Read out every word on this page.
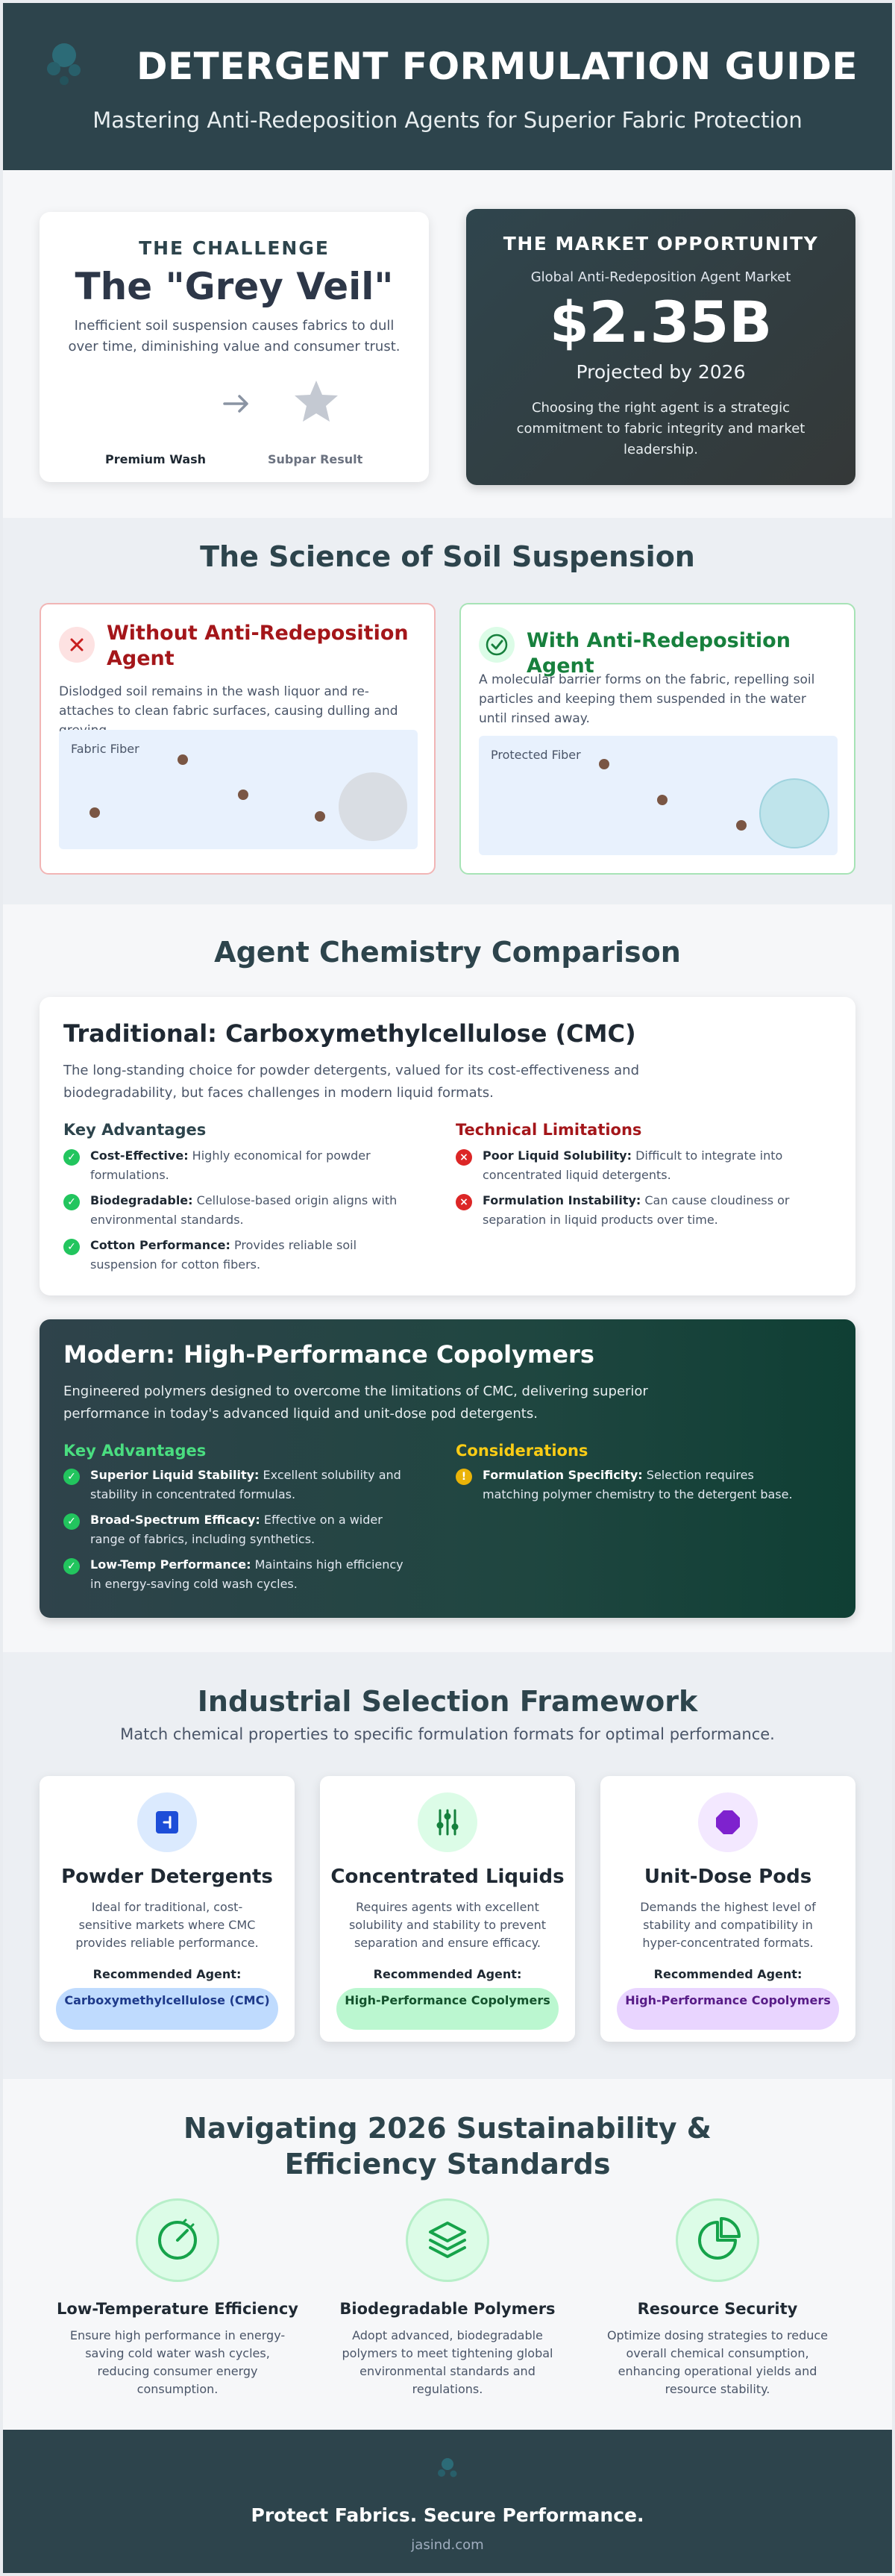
DETERGENT FORMULATION GUIDE
Mastering Anti-Redeposition Agents for Superior Fabric Protection
THE CHALLENGE
The "Grey Veil"
Inefficient soil suspension causes fabrics to dull over time, diminishing value and consumer trust.
Premium Wash	Subpar Result
THE MARKET OPPORTUNITY
Global Anti-Redeposition Agent Market
$2.35B
Projected by 2026
Choosing the right agent is a strategic commitment to fabric integrity and market leadership.
The Science of Soil Suspension
Without Anti-Redeposition Agent
Dislodged soil remains in the wash liquor and re-attaches to clean fabric surfaces, causing dulling and
Fabric Fiber
With Anti-Redeposition Agent
A molecular barrier forms on the fabric, repelling soil particles and keeping them suspended in the water until rinsed away.
Protected Fiber
Agent Chemistry Comparison
Traditional: Carboxymethylcellulose (CMC)
The long-standing choice for powder detergents, valued for its cost-effectiveness and biodegradability, but faces challenges in modern liquid formats.
Key Advantages
✓	Cost-Effective: Highly economical for powder formulations.
✓	Biodegradable: Cellulose-based origin aligns with environmental standards.
✓	Cotton Performance: Provides reliable soil suspension for cotton fibers.
Technical Limitations
×	Poor Liquid Solubility: Difficult to integrate into concentrated liquid detergents.
×	Formulation Instability: Can cause cloudiness or separation in liquid products over time.
Modern: High-Performance Copolymers
Engineered polymers designed to overcome the limitations of CMC, delivering superior performance in today's advanced liquid and unit-dose pod detergents.
Key Advantages
✓	Superior Liquid Stability: Excellent solubility and stability in concentrated formulas.
✓	Broad-Spectrum Efficacy: Effective on a wider range of fabrics, including synthetics.
✓	Low-Temp Performance: Maintains high efficiency in energy-saving cold wash cycles.
Considerations
!	Formulation Specificity: Selection requires matching polymer chemistry to the detergent base.
Industrial Selection Framework
Match chemical properties to specific formulation formats for optimal performance.
Powder Detergents
Ideal for traditional, cost-sensitive markets where CMC provides reliable performance.
Recommended Agent:
Carboxymethylcellulose (CMC)
Concentrated Liquids
Requires agents with excellent solubility and stability to prevent separation and ensure efficacy.
Recommended Agent:
High-Performance Copolymers
Unit-Dose Pods
Demands the highest level of stability and compatibility in hyper-concentrated formats.
Recommended Agent:
High-Performance Copolymers
Navigating 2026 Sustainability & Efficiency Standards
Low-Temperature Efficiency
Ensure high performance in energy-saving cold water wash cycles, reducing consumer energy consumption.
Biodegradable Polymers
Adopt advanced, biodegradable polymers to meet tightening global environmental standards and regulations.
Resource Security
Optimize dosing strategies to reduce overall chemical consumption, enhancing operational yields and resource stability.
Protect Fabrics. Secure Performance.
jasind.com
